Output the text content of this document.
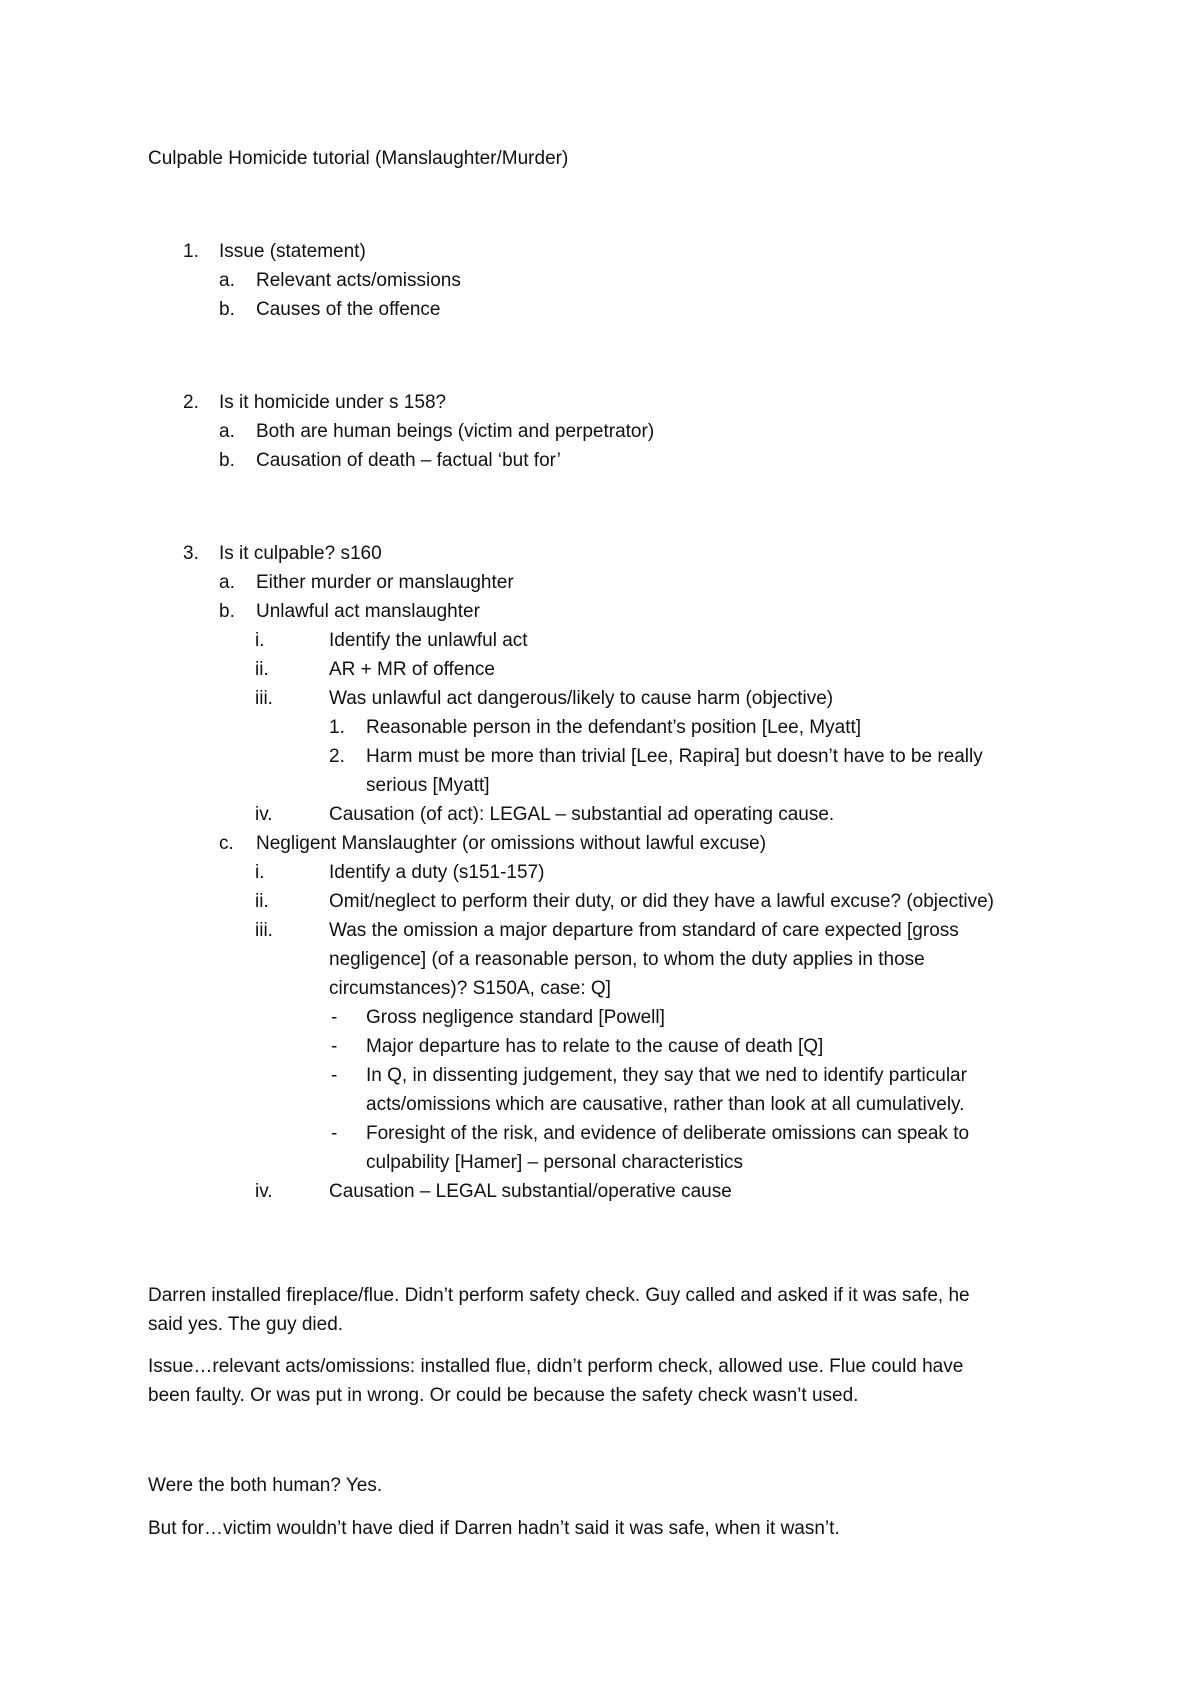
Culpable Homicide tutorial (Manslaughter/Murder)
1. Issue (statement)
a. Relevant acts/omissions
b. Causes of the offence
2. Is it homicide under s 158?
a. Both are human beings (victim and perpetrator)
b. Causation of death – factual ‘but for’
3. Is it culpable? s160
a. Either murder or manslaughter
b. Unlawful act manslaughter
i.	Identify the unlawful act
ii.	AR + MR of offence
iii.	Was unlawful act dangerous/likely to cause harm (objective)
1. Reasonable person in the defendant’s position [Lee, Myatt]
2. Harm must be more than trivial [Lee, Rapira] but doesn’t have to be really
serious [Myatt]
iv.	Causation (of act): LEGAL – substantial ad operating cause.
c. Negligent Manslaughter (or omissions without lawful excuse)
i.	Identify a duty (s151-157)
ii.	Omit/neglect to perform their duty, or did they have a lawful excuse? (objective)
iii.	Was the omission a major departure from standard of care expected [gross
negligence] (of a reasonable person, to whom the duty applies in those
circumstances)? S150A, case: Q]
- Gross negligence standard [Powell]
- Major departure has to relate to the cause of death [Q]
- In Q, in dissenting judgement, they say that we ned to identify particular
acts/omissions which are causative, rather than look at all cumulatively.
- Foresight of the risk, and evidence of deliberate omissions can speak to
culpability [Hamer] – personal characteristics
iv.	Causation – LEGAL substantial/operative cause
Darren installed fireplace/flue. Didn’t perform safety check. Guy called and asked if it was safe, he
said yes. The guy died.
Issue…relevant acts/omissions: installed flue, didn’t perform check, allowed use. Flue could have
been faulty. Or was put in wrong. Or could be because the safety check wasn’t used.
Were the both human? Yes.
But for…victim wouldn’t have died if Darren hadn’t said it was safe, when it wasn’t.
